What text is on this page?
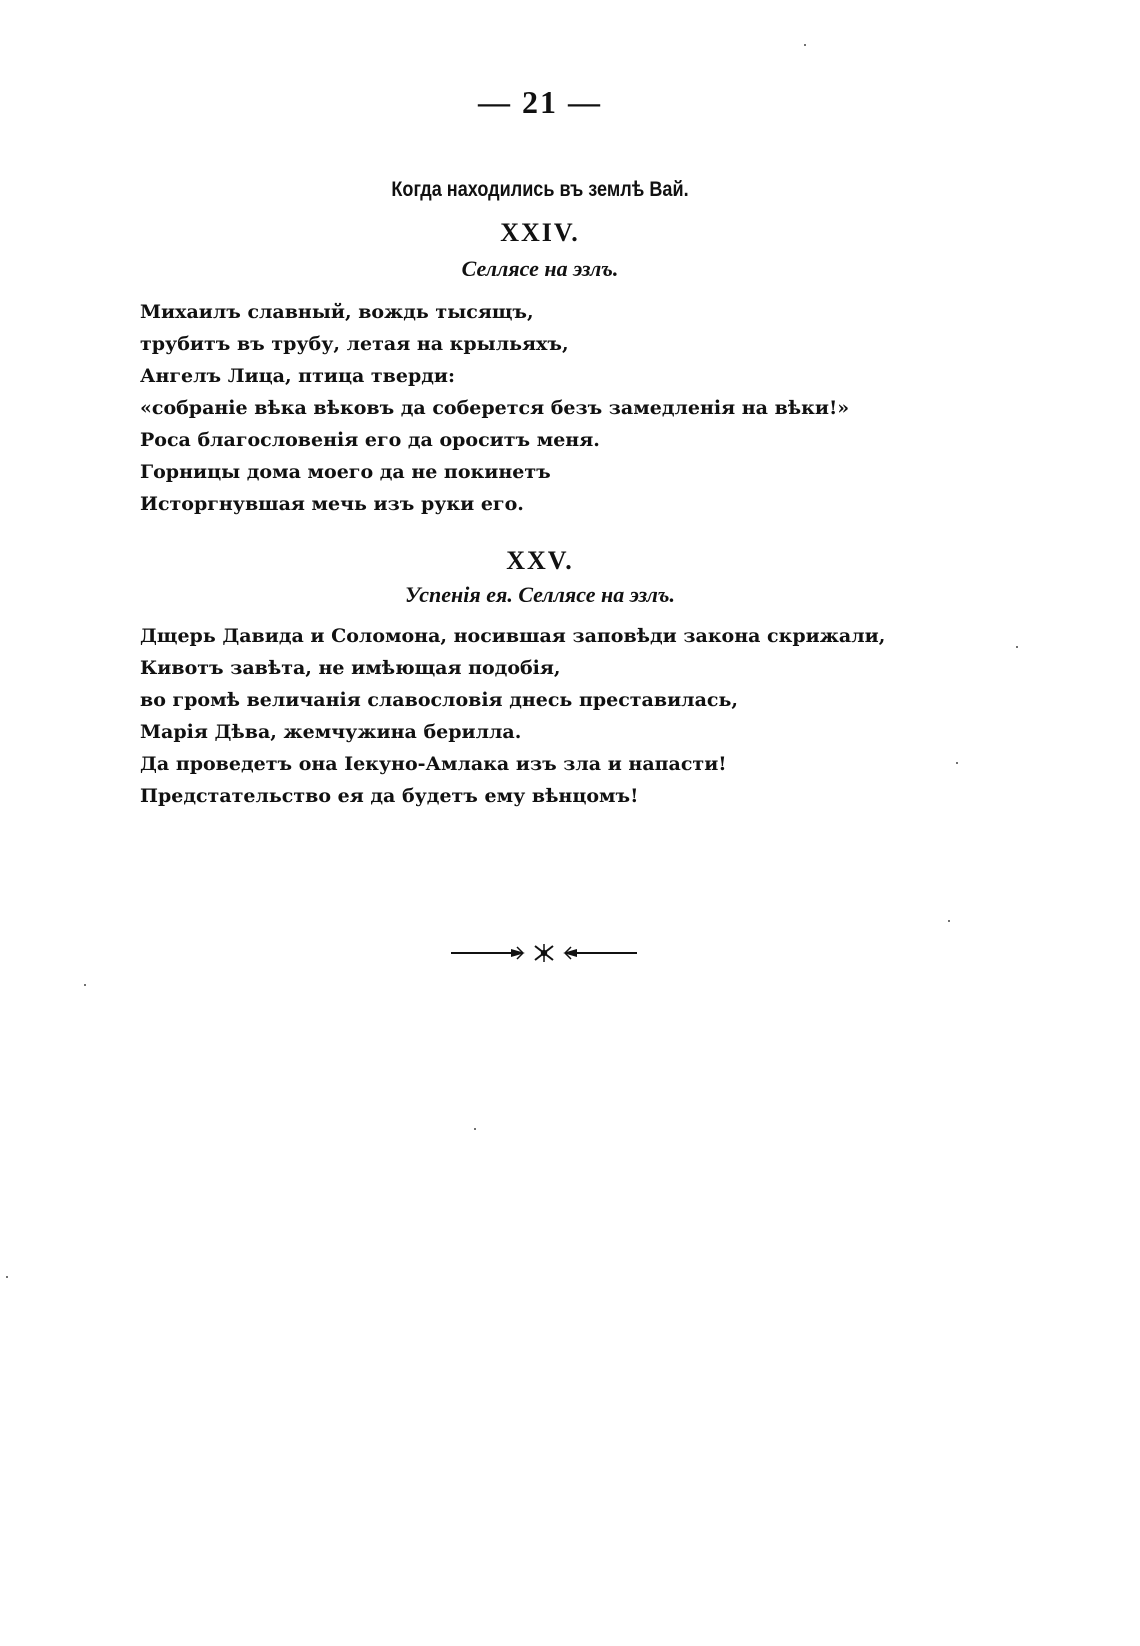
— 21 —
Когда находились въ землѣ Вай.
XXIV.
Селлясе на эзлъ.
Михаилъ славный, вождь тысящъ,
трубитъ въ трубу, летая на крыльяхъ,
Ангелъ Лица, птица тверди:
«собраніе вѣка вѣковъ да соберется безъ замедленія на вѣки!»
Роса благословенія его да ороситъ меня.
Горницы дома моего да не покинетъ
Исторгнувшая мечь изъ руки его.
XXV.
Успенія ея. Селлясе на эзлъ.
Дщерь Давида и Соломона, носившая заповѣди закона скрижали,
Кивотъ завѣта, не имѣющая подобія,
во громѣ величанія славословія днесь преставилась,
Марія Дѣва, жемчужина берилла.
Да проведетъ она Іекуно-Амлака изъ зла и напасти!
Предстательство ея да будетъ ему вѣнцомъ!
